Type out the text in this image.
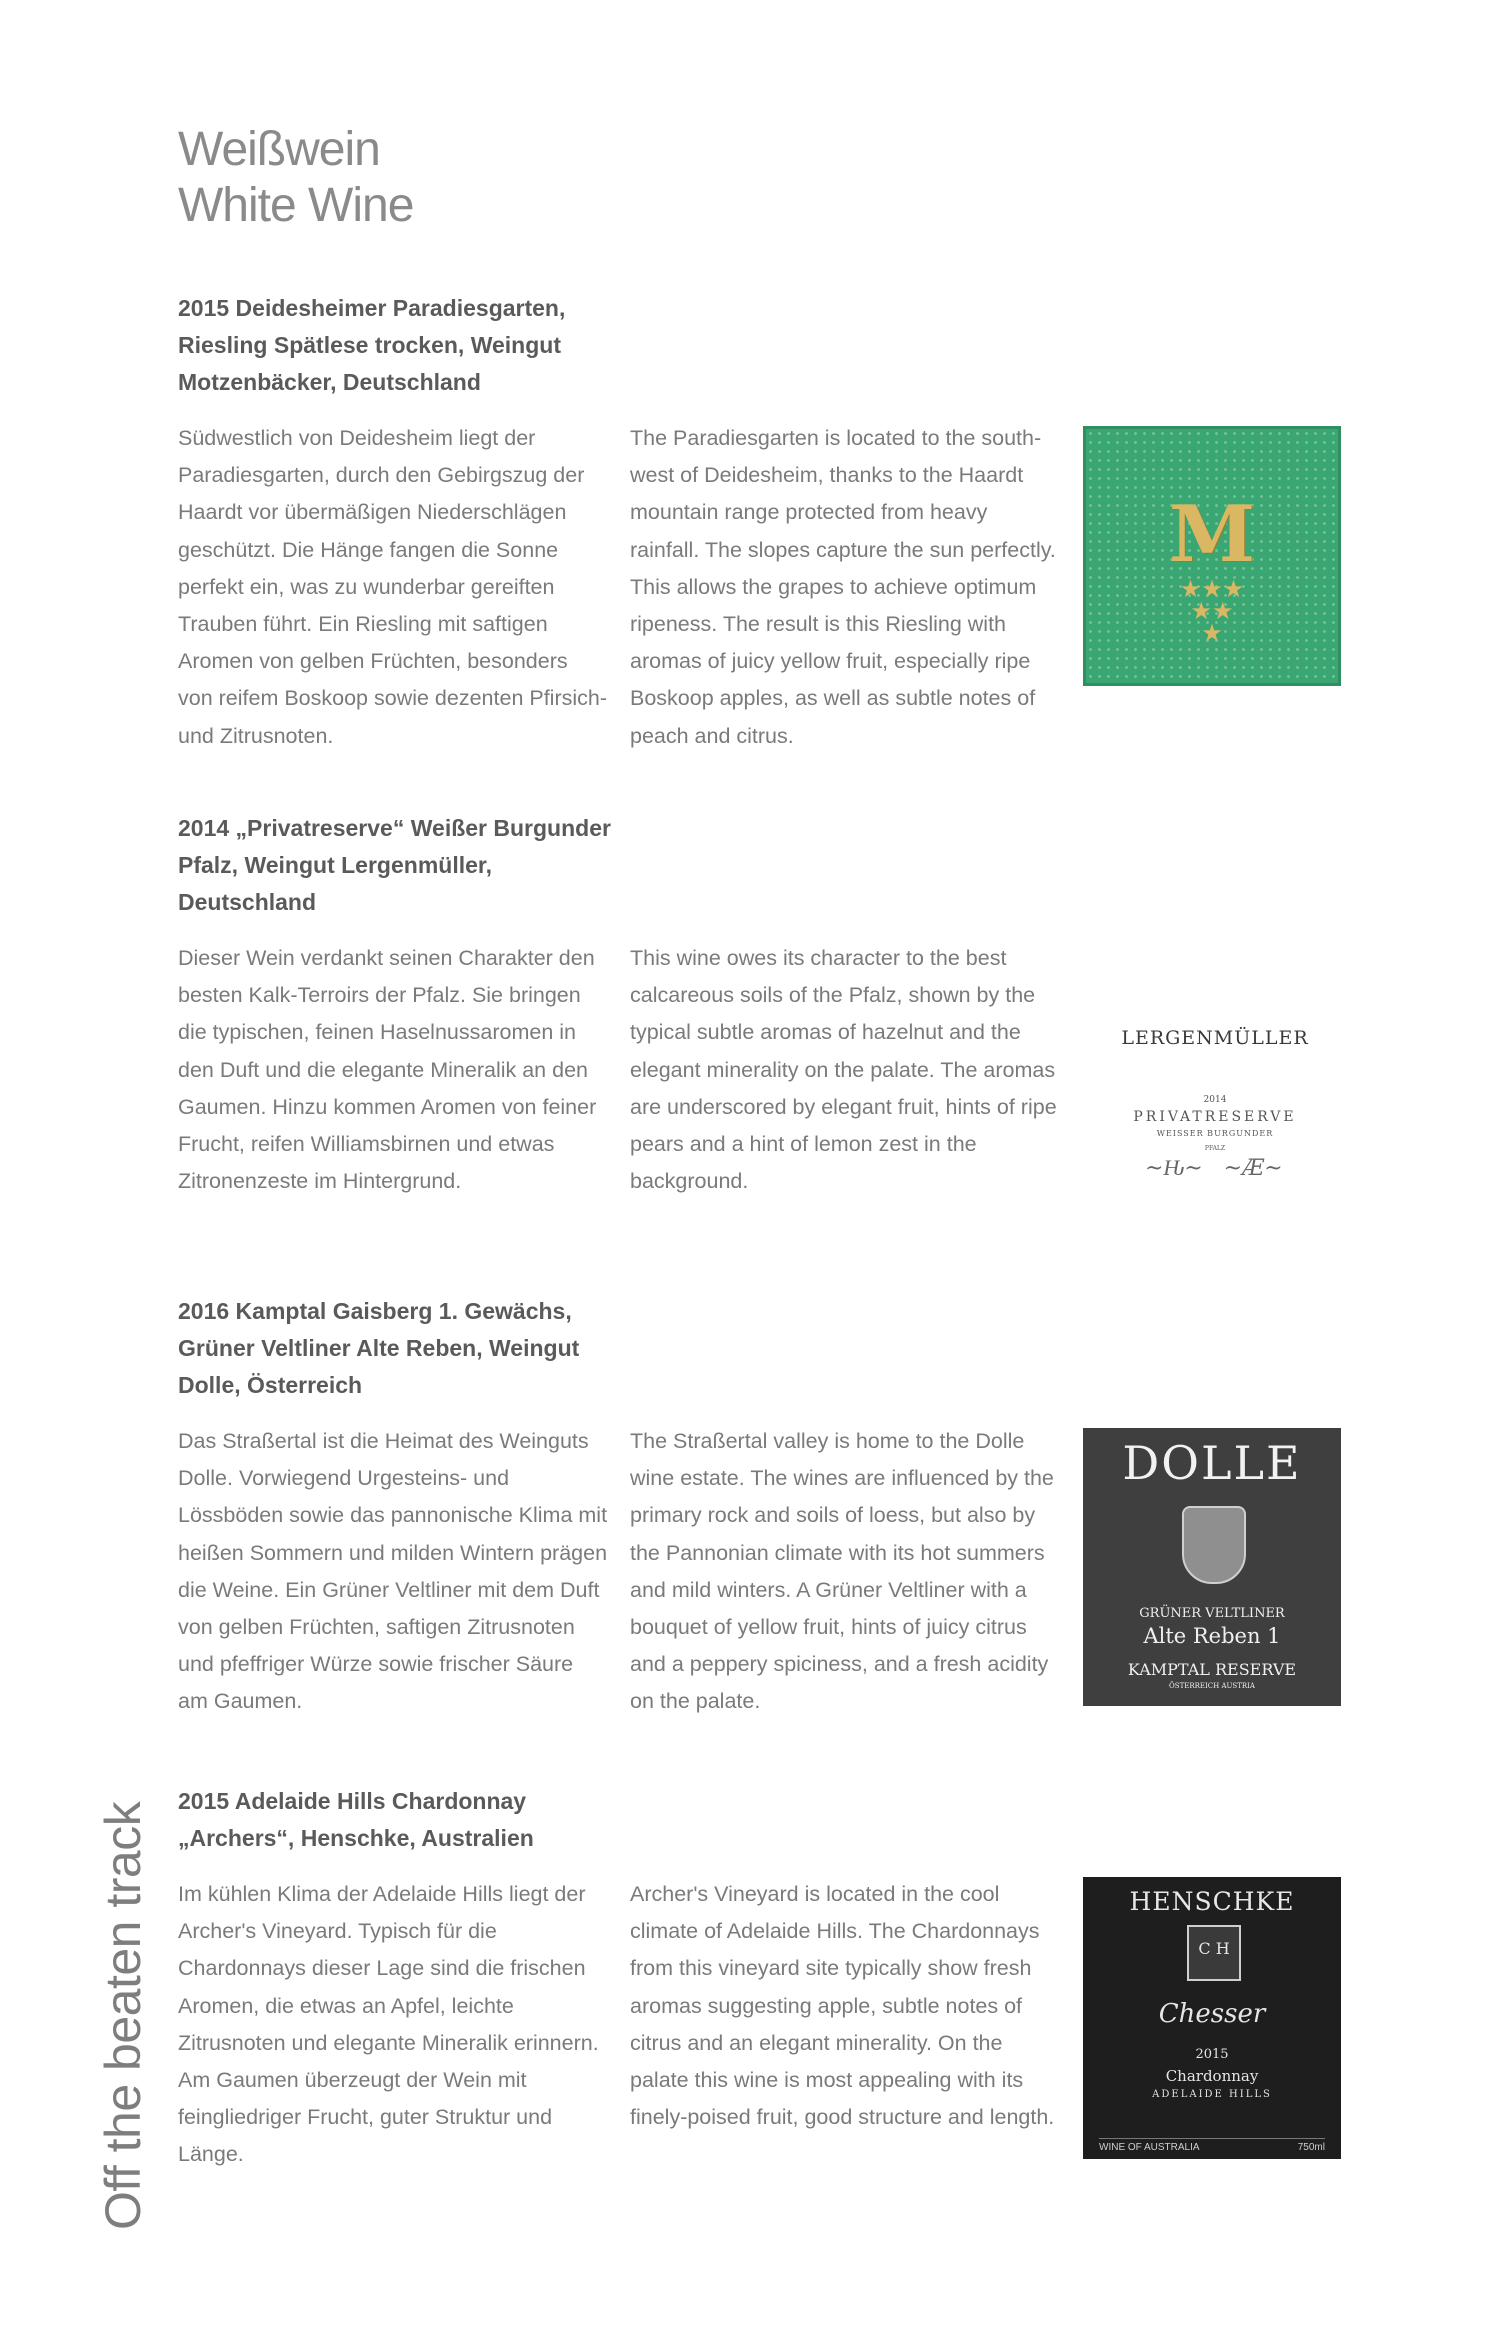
Weißwein
White Wine
Off the beaten track

2015 Deidesheimer Paradiesgarten, Riesling Spätlese trocken, Weingut Motzenbäcker, Deutschland

Südwestlich von Deidesheim liegt der Paradiesgarten, durch den Gebirgszug der Haardt vor übermäßigen Niederschlägen geschützt. Die Hänge fangen die Sonne perfekt ein, was zu wunderbar gereiften Trauben führt. Ein Riesling mit saftigen Aromen von gelben Früchten, besonders von reifem Boskoop sowie dezenten Pfirsich- und Zitrusnoten.
The Paradiesgarten is located to the south-west of Deidesheim, thanks to the Haardt mountain range protected from heavy rainfall. The slopes capture the sun perfectly. This allows the grapes to achieve optimum ripeness. The result is this Riesling with aromas of juicy yellow fruit, especially ripe Boskoop apples, as well as subtle notes of peach and citrus.
M
★★★
★★
★

2014 „Privatreserve“ Weißer Burgunder Pfalz, Weingut Lergenmüller, Deutschland

Dieser Wein verdankt seinen Charakter den besten Kalk-Terroirs der Pfalz. Sie bringen die typischen, feinen Haselnussaromen in den Duft und die elegante Mineralik an den Gaumen. Hinzu kommen Aromen von feiner Frucht, reifen Williamsbirnen und etwas Zitronenzeste im Hintergrund.
This wine owes its character to the best calcareous soils of the Pfalz, shown by the typical subtle aromas of hazelnut and the elegant minerality on the palate. The aromas are underscored by elegant fruit, hints of ripe pears and a hint of lemon zest in the background.
LERGENMÜLLER
2014
PRIVATRESERVE
WEISSER BURGUNDER
PFALZ
~Ԋ~   ~Æ~

2016 Kamptal Gaisberg 1. Gewächs, Grüner Veltliner Alte Reben, Weingut Dolle, Österreich

Das Straßertal ist die Heimat des Weinguts Dolle. Vorwiegend Urgesteins- und Lössböden sowie das pannonische Klima mit heißen Sommern und milden Wintern prägen die Weine. Ein Grüner Veltliner mit dem Duft von gelben Früchten, saftigen Zitrusnoten und pfeffriger Würze sowie frischer Säure am Gaumen.
The Straßertal valley is home to the Dolle wine estate. The wines are influenced by the primary rock and soils of loess, but also by the Pannonian climate with its hot summers and mild winters. A Grüner Veltliner with a bouquet of yellow fruit, hints of juicy citrus and a peppery spiciness, and a fresh acidity on the palate.
DOLLE
GRÜNER VELTLINER
Alte Reben 1
KAMPTAL RESERVE
ÖSTERREICH AUSTRIA

2015 Adelaide Hills Chardonnay „Archers“, Henschke, Australien

Im kühlen Klima der Adelaide Hills liegt der Archer's Vineyard. Typisch für die Chardonnays dieser Lage sind die frischen Aromen, die etwas an Apfel, leichte Zitrusnoten und elegante Mineralik erinnern. Am Gaumen überzeugt der Wein mit feingliedriger Frucht, guter Struktur und Länge.
Archer's Vineyard is located in the cool climate of Adelaide Hills. The Chardonnays from this vineyard site typically show fresh aromas suggesting apple, subtle notes of citrus and an elegant minerality. On the palate this wine is most appealing with its finely-poised fruit, good structure and length.
HENSCHKE
C H
Chesser
2015
Chardonnay
ADELAIDE HILLS
WINE OF AUSTRALIA	750ml
